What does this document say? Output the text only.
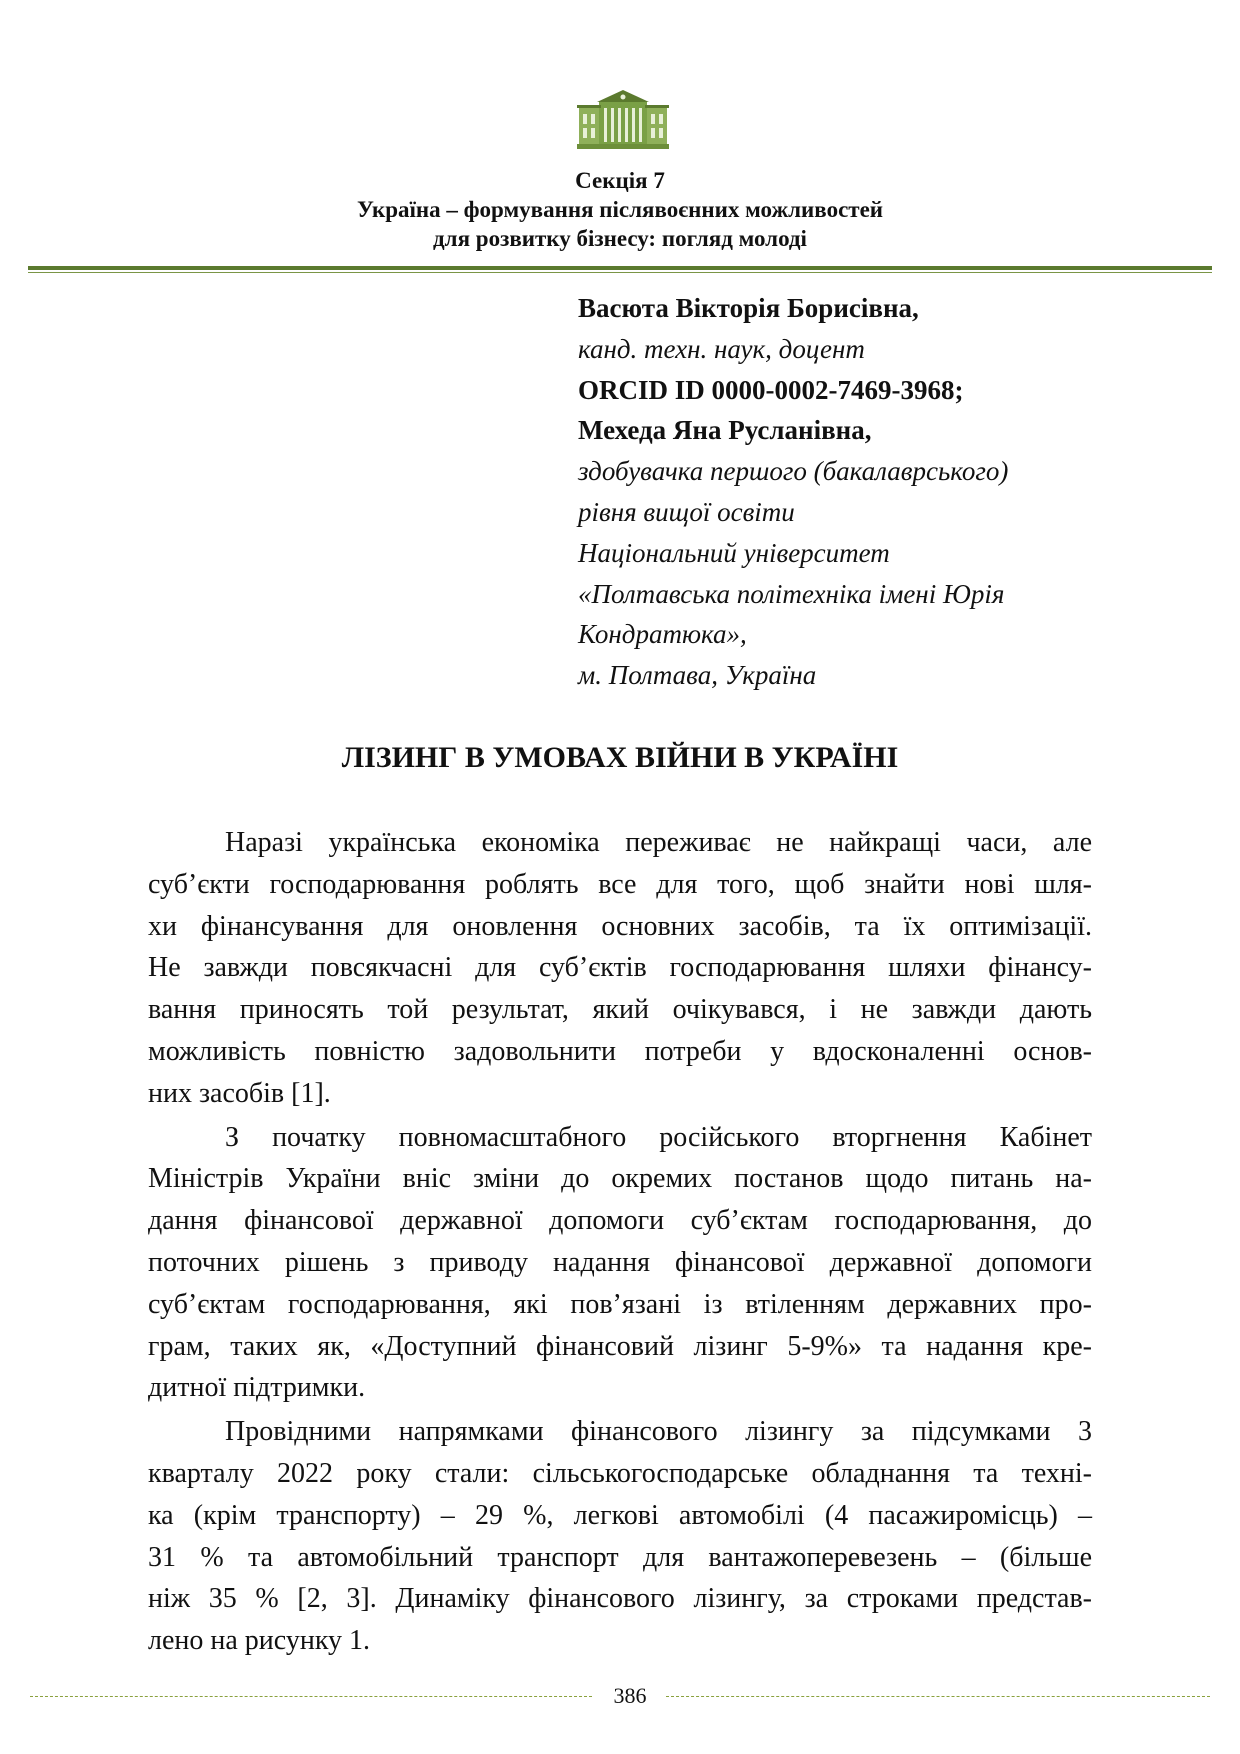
Секція 7

Україна – формування післявоєнних можливостей

для розвитку бізнесу: погляд молоді

Васюта Вікторія Борисівна,
канд. техн. наук, доцент
ORCID ID 0000-0002-7469-3968;
Мехеда Яна Русланівна,
здобувачка першого (бакалаврського)
рівня вищої освіти
Національний університет
«Полтавська політехніка імені Юрія
Кондратюка»,
м. Полтава, Україна
ЛІЗИНГ В УМОВАХ ВІЙНИ В УКРАЇНІ

Наразі українська економіка переживає не найкращі часи, але
суб’єкти господарювання роблять все для того, щоб знайти нові шля-
хи фінансування для оновлення основних засобів, та їх оптимізації.
Не завжди повсякчасні для суб’єктів господарювання шляхи фінансу-
вання приносять той результат, який очікувався, і не завжди дають
можливість повністю задовольнити потреби у вдосконаленні основ-
них засобів [1].

З початку повномасштабного російського вторгнення Кабінет
Міністрів України вніс зміни до окремих постанов щодо питань на-
дання фінансової державної допомоги суб’єктам господарювання, до
поточних рішень з приводу надання фінансової державної допомоги
суб’єктам господарювання, які пов’язані із втіленням державних про-
грам, таких як, «Доступний фінансовий лізинг 5-9%» та надання кре-
дитної підтримки.

Провідними напрямками фінансового лізингу за підсумками 3
кварталу 2022 року стали: сільськогосподарське обладнання та техні-
ка (крім транспорту) – 29 %, легкові автомобілі (4 пасажиромісць) –
31 % та автомобільний транспорт для вантажоперевезень – (більше
ніж 35 % [2, 3]. Динаміку фінансового лізингу, за строками представ-
лено на рисунку 1.

386
